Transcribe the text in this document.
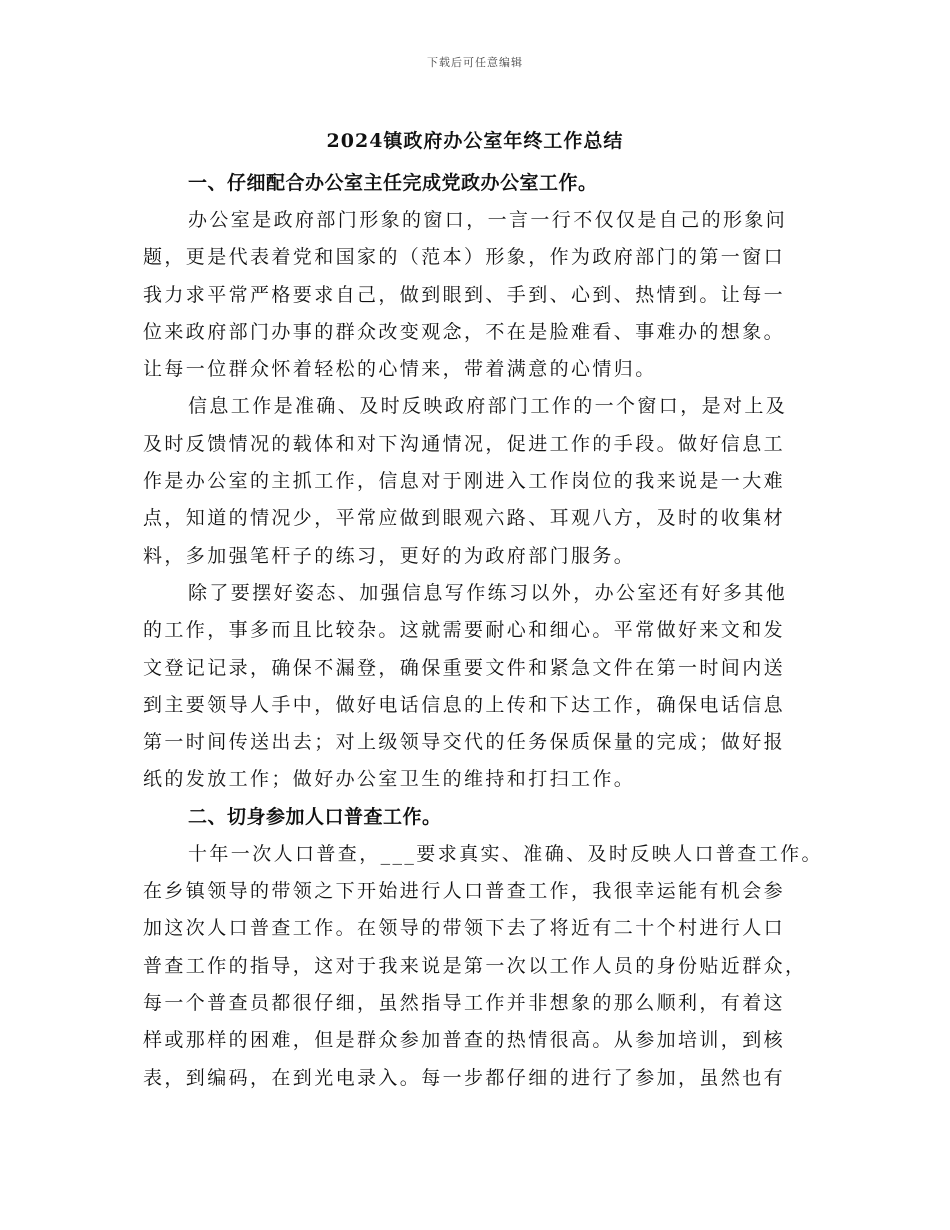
下载后可任意编辑
2024镇政府办公室年终工作总结

一、仔细配合办公室主任完成党政办公室工作。

办公室是政府部门形象的窗口，一言一行不仅仅是自己的形象问
题，更是代表着党和国家的（范本）形象，作为政府部门的第一窗口
我力求平常严格要求自己，做到眼到、手到、心到、热情到。让每一
位来政府部门办事的群众改变观念，不在是脸难看、事难办的想象。
让每一位群众怀着轻松的心情来，带着满意的心情归。

信息工作是准确、及时反映政府部门工作的一个窗口，是对上及
及时反馈情况的载体和对下沟通情况，促进工作的手段。做好信息工
作是办公室的主抓工作，信息对于刚进入工作岗位的我来说是一大难
点，知道的情况少，平常应做到眼观六路、耳观八方，及时的收集材
料，多加强笔杆子的练习，更好的为政府部门服务。

除了要摆好姿态、加强信息写作练习以外，办公室还有好多其他
的工作，事多而且比较杂。这就需要耐心和细心。平常做好来文和发
文登记记录，确保不漏登，确保重要文件和紧急文件在第一时间内送
到主要领导人手中，做好电话信息的上传和下达工作，确保电话信息
第一时间传送出去；对上级领导交代的任务保质保量的完成；做好报
纸的发放工作；做好办公室卫生的维持和打扫工作。

二、切身参加人口普查工作。

十年一次人口普查，___要求真实、准确、及时反映人口普查工作。
在乡镇领导的带领之下开始进行人口普查工作，我很幸运能有机会参
加这次人口普查工作。在领导的带领下去了将近有二十个村进行人口
普查工作的指导，这对于我来说是第一次以工作人员的身份贴近群众，
每一个普查员都很仔细，虽然指导工作并非想象的那么顺利，有着这
样或那样的困难，但是群众参加普查的热情很高。从参加培训，到核
表，到编码，在到光电录入。每一步都仔细的进行了参加，虽然也有
